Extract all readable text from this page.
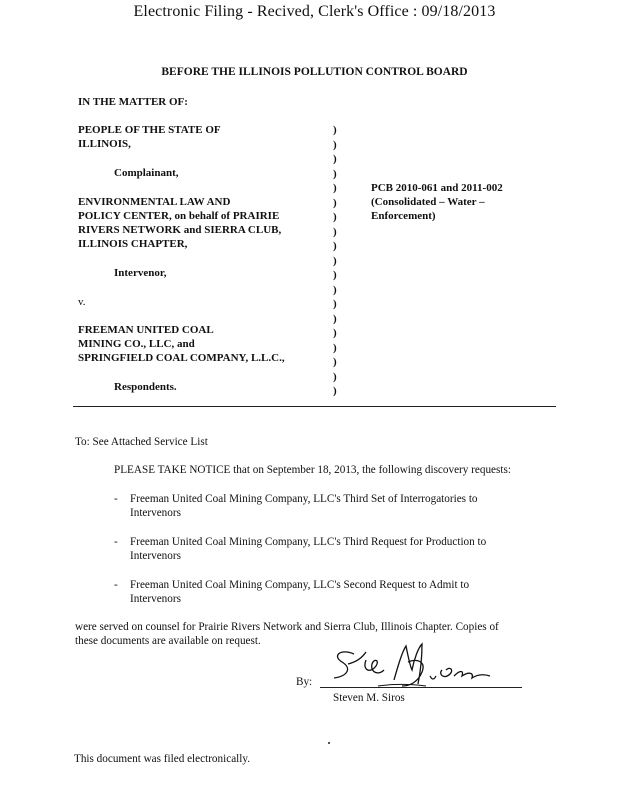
Electronic Filing - Recived, Clerk's Office : 09/18/2013
BEFORE THE ILLINOIS POLLUTION CONTROL BOARD
IN THE MATTER OF:
PEOPLE OF THE STATE OF
ILLINOIS,
Complainant,
ENVIRONMENTAL LAW AND
POLICY CENTER, on behalf of PRAIRIE
RIVERS NETWORK and SIERRA CLUB,
ILLINOIS CHAPTER,
Intervenor,
v.
FREEMAN UNITED COAL
MINING CO., LLC, and
SPRINGFIELD COAL COMPANY, L.L.C.,
Respondents.
)
)
)
)
)
)
)
)
)
)
)
)
)
)
)
)
)
)
)
PCB 2010-061 and 2011-002
(Consolidated – Water –
Enforcement)
To: See Attached Service List
PLEASE TAKE NOTICE that on September 18, 2013, the following discovery requests:
- Freeman United Coal Mining Company, LLC's Third Set of Interrogatories to
Intervenors
- Freeman United Coal Mining Company, LLC's Third Request for Production to
Intervenors
- Freeman United Coal Mining Company, LLC's Second Request to Admit to
Intervenors
were served on counsel for Prairie Rivers Network and Sierra Club, Illinois Chapter. Copies of
these documents are available on request.
By:
Steven M. Siros
This document was filed electronically.
